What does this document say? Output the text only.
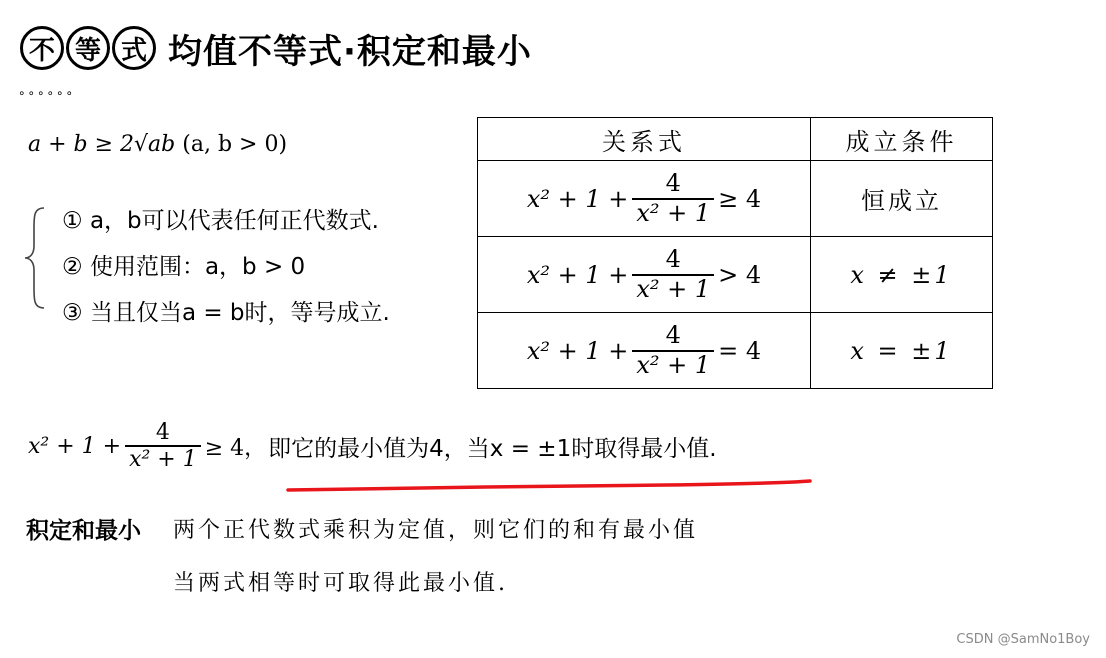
不 等 式 均值不等式·积定和最小
∘∘∘∘∘∘
a + b ≥ 2√ab (a, b > 0)
① a，b可以代表任何正代数式.
② 使用范围：a，b > 0
③ 当且仅当a = b时，等号成立.
关系式	成立条件

$x^2 + 1 + \frac{4}{\text{x² + 1}} \ge 4$	恒成立

$x^2 + 1 + \frac{4}{\text{x² + 1}} > 4$	x ≠ ±1

$x^2 + 1 + \frac{4}{\text{x² + 1}} = 4$	x = ±1
$x^2 + 1 + \frac{4}{\text{x² + 1}} \ge 4$， 即它的最小值为4，当x = ±1时取得最小值.
积定和最小 两个正代数式乘积为定值，则它们的和有最小值
当两式相等时可取得此最小值.
CSDN @SamNo1Boy
